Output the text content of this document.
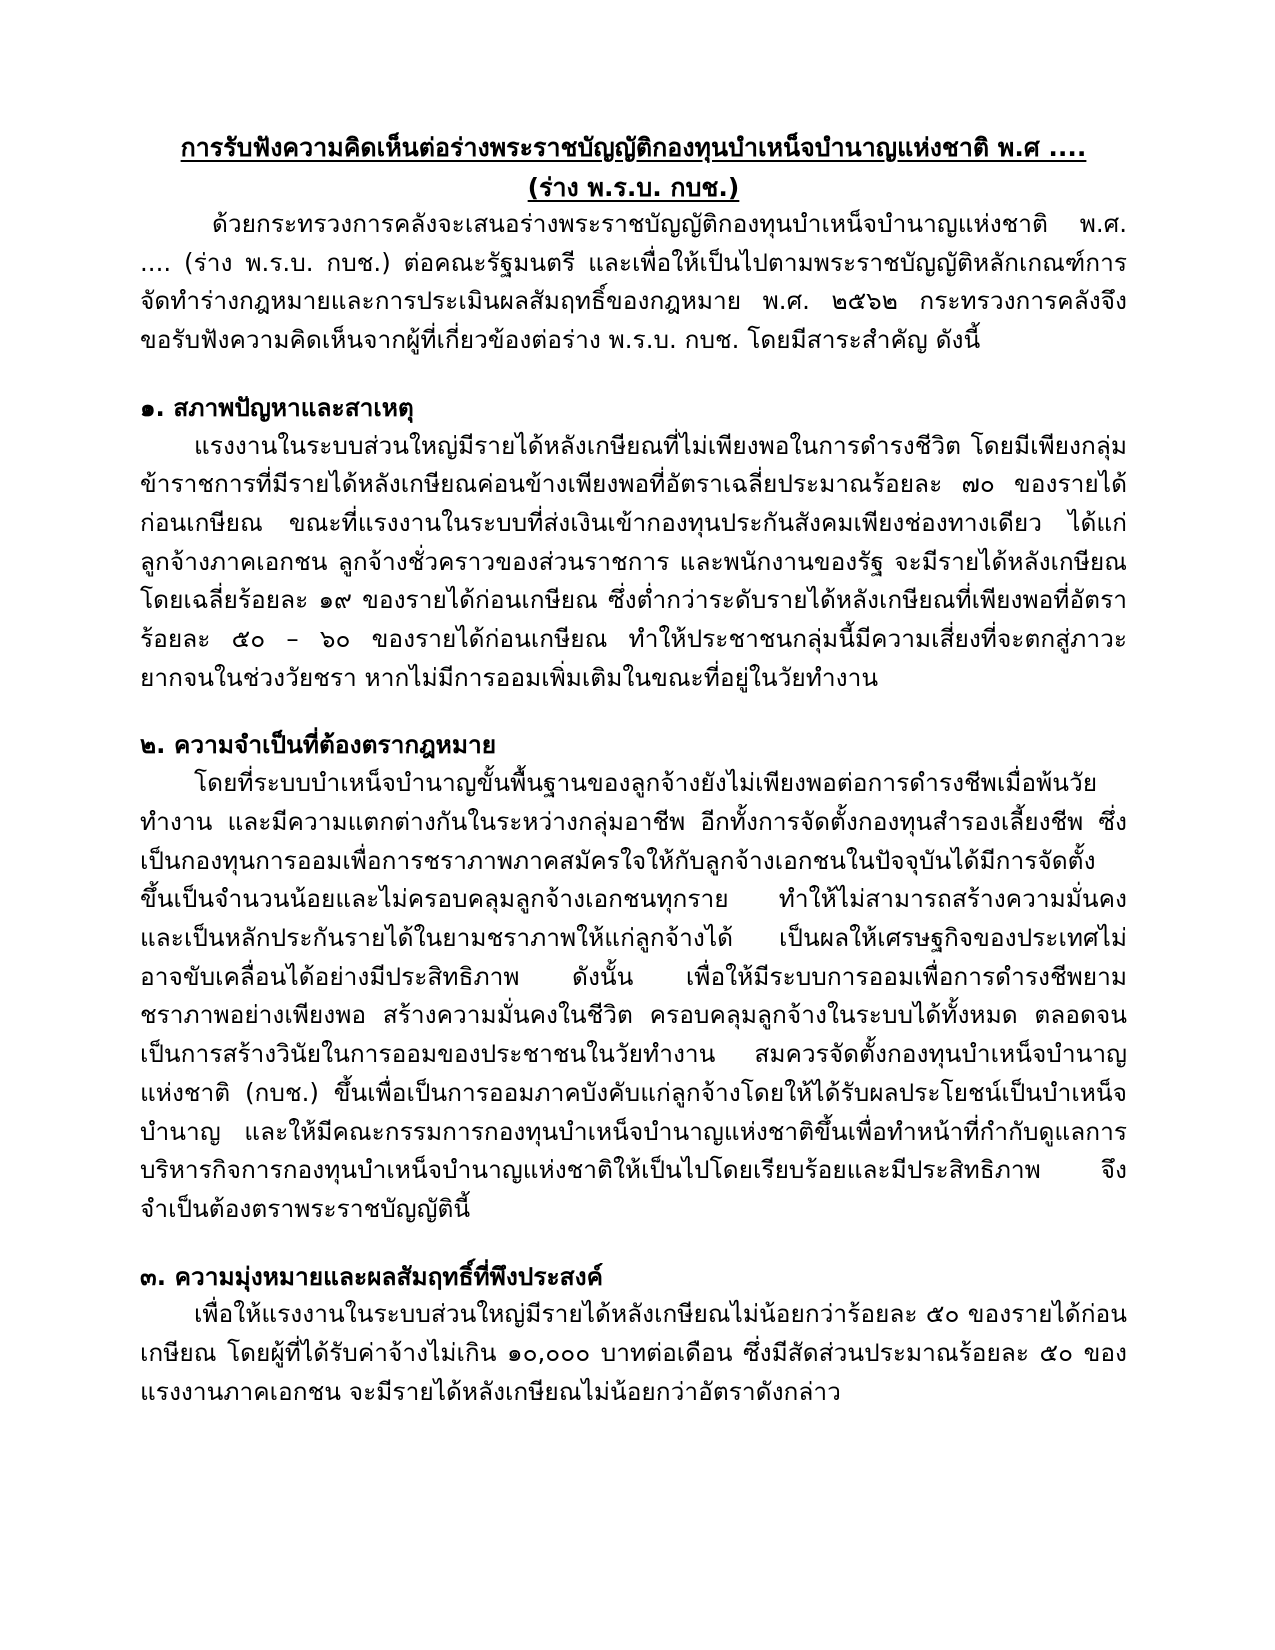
การรับฟังความคิดเห็นต่อร่างพระราชบัญญัติกองทุนบำเหน็จบำนาญแห่งชาติ พ.ศ ....
(ร่าง พ.ร.บ. กบช.)

ด้วยกระทรวงการคลังจะเสนอร่างพระราชบัญญัติกองทุนบำเหน็จบำนาญแห่งชาติ พ.ศ. .... (ร่าง พ.ร.บ. กบช.) ต่อคณะรัฐมนตรี และเพื่อให้เป็นไปตามพระราชบัญญัติหลักเกณฑ์การจัดทำร่างกฎหมายและการประเมินผลสัมฤทธิ์ของกฎหมาย พ.ศ. ๒๕๖๒ กระทรวงการคลังจึงขอรับฟังความคิดเห็นจากผู้ที่เกี่ยวข้องต่อร่าง พ.ร.บ. กบช. โดยมีสาระสำคัญ ดังนี้

๑. สภาพปัญหาและสาเหตุ

แรงงานในระบบส่วนใหญ่มีรายได้หลังเกษียณที่ไม่เพียงพอในการดำรงชีวิต โดยมีเพียงกลุ่มข้าราชการที่มีรายได้หลังเกษียณค่อนข้างเพียงพอที่อัตราเฉลี่ยประมาณร้อยละ ๗๐ ของรายได้ก่อนเกษียณ ขณะที่แรงงานในระบบที่ส่งเงินเข้ากองทุนประกันสังคมเพียงช่องทางเดียว ได้แก่ ลูกจ้างภาคเอกชน ลูกจ้างชั่วคราวของส่วนราชการ และพนักงานของรัฐ จะมีรายได้หลังเกษียณโดยเฉลี่ยร้อยละ ๑๙ ของรายได้ก่อนเกษียณ ซึ่งต่ำกว่าระดับรายได้หลังเกษียณที่เพียงพอที่อัตราร้อยละ ๕๐ – ๖๐ ของรายได้ก่อนเกษียณ ทำให้ประชาชนกลุ่มนี้มีความเสี่ยงที่จะตกสู่ภาวะยากจนในช่วงวัยชรา หากไม่มีการออมเพิ่มเติมในขณะที่อยู่ในวัยทำงาน

๒. ความจำเป็นที่ต้องตรากฎหมาย

โดยที่ระบบบำเหน็จบำนาญขั้นพื้นฐานของลูกจ้างยังไม่เพียงพอต่อการดำรงชีพเมื่อพ้นวัยทำงาน และมีความแตกต่างกันในระหว่างกลุ่มอาชีพ อีกทั้งการจัดตั้งกองทุนสำรองเลี้ยงชีพ ซึ่งเป็นกองทุนการออมเพื่อการชราภาพภาคสมัครใจให้กับลูกจ้างเอกชนในปัจจุบันได้มีการจัดตั้งขึ้นเป็นจำนวนน้อยและไม่ครอบคลุมลูกจ้างเอกชนทุกราย ทำให้ไม่สามารถสร้างความมั่นคงและเป็นหลักประกันรายได้ในยามชราภาพให้แก่ลูกจ้างได้ เป็นผลให้เศรษฐกิจของประเทศไม่อาจขับเคลื่อนได้อย่างมีประสิทธิภาพ ดังนั้น เพื่อให้มีระบบการออมเพื่อการดำรงชีพยามชราภาพอย่างเพียงพอ สร้างความมั่นคงในชีวิต ครอบคลุมลูกจ้างในระบบได้ทั้งหมด ตลอดจนเป็นการสร้างวินัยในการออมของประชาชนในวัยทำงาน สมควรจัดตั้งกองทุนบำเหน็จบำนาญแห่งชาติ (กบช.) ขึ้นเพื่อเป็นการออมภาคบังคับแก่ลูกจ้างโดยให้ได้รับผลประโยชน์เป็นบำเหน็จบำนาญ และให้มีคณะกรรมการกองทุนบำเหน็จบำนาญแห่งชาติขึ้นเพื่อทำหน้าที่กำกับดูแลการบริหารกิจการกองทุนบำเหน็จบำนาญแห่งชาติให้เป็นไปโดยเรียบร้อยและมีประสิทธิภาพ จึงจำเป็นต้องตราพระราชบัญญัตินี้

๓. ความมุ่งหมายและผลสัมฤทธิ์ที่พึงประสงค์

เพื่อให้แรงงานในระบบส่วนใหญ่มีรายได้หลังเกษียณไม่น้อยกว่าร้อยละ ๕๐ ของรายได้ก่อนเกษียณ โดยผู้ที่ได้รับค่าจ้างไม่เกิน ๑๐,๐๐๐ บาทต่อเดือน ซึ่งมีสัดส่วนประมาณร้อยละ ๕๐ ของแรงงานภาคเอกชน จะมีรายได้หลังเกษียณไม่น้อยกว่าอัตราดังกล่าว
